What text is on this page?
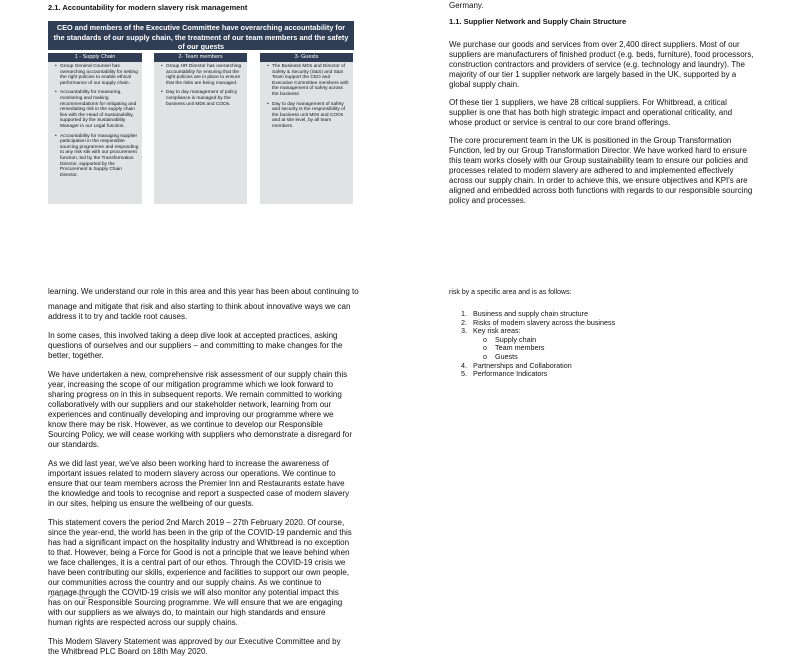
2.1. Accountability for modern slavery risk management
CEO and members of the Executive Committee have overarching accountability for the standards of our supply chain, the treatment of our team members and the safety of our guests
1 - Supply Chain
• Group General Counsel has overarching accountability for setting the right policies to enable ethical performance of our supply chain.
• Accountability for measuring, monitoring and making recommendations for mitigating and remediating risk in the supply chain lies with the Head of Sustainability, supported by the Sustainability Manager in our Legal function.
• Accountability for managing supplier participation in the responsible sourcing programme and responding to any risk sits with our procurement function, led by the Transformation Director, supported by the Procurement & Supply Chain Director.
2- Team members
• Group HR Director has overarching accountability for ensuring that the right policies are in place to ensure that the risks are being managed.
• Day to day management of policy compliance is managed by the business unit MDs and COOs.
3- Guests
• The Business MDs and Director of Safety & Security (S&S) and S&S Team support the CEO and Executive Committee members with the management of safety across the business
• Day to day management of safety and security is the responsibility of the business unit MDs and COOs and at site level, by all team members.
Germany.
1.1. Supplier Network and Supply Chain Structure

We purchase our goods and services from over 2,400 direct suppliers. Most of our suppliers are manufacturers of finished product (e.g. beds, furniture), food processors, construction contractors and providers of service (e.g. technology and laundry). The majority of our tier 1 supplier network are largely based in the UK, supported by a global supply chain.

Of these tier 1 suppliers, we have 28 critical suppliers. For Whitbread, a critical supplier is one that has both high strategic impact and operational criticality, and whose product or service is central to our core brand offerings.

The core procurement team in the UK is positioned in the Group Transformation Function, led by our Group Transformation Director. We have worked hard to ensure this team works closely with our Group sustainability team to ensure our policies and processes related to modern slavery are adhered to and implemented effectively across our supply chain. In order to achieve this, we ensure objectives and KPI's are aligned and embedded across both functions with regards to our responsible sourcing policy and processes.

learning. We understand our role in this area and this year has been about continuing to

manage and mitigate that risk and also starting to think about innovative ways we can address it to try and tackle root causes.

In some cases, this involved taking a deep dive look at accepted practices, asking questions of ourselves and our suppliers – and committing to make changes for the better, together.

We have undertaken a new, comprehensive risk assessment of our supply chain this year, increasing the scope of our mitigation programme which we look forward to sharing progress on in this in subsequent reports. We remain committed to working collaboratively with our suppliers and our stakeholder network, learning from our experiences and continually developing and improving our programme where we know there may be risk. However, as we continue to develop our Responsible Sourcing Policy, we will cease working with suppliers who demonstrate a disregard for our standards.

As we did last year, we've also been working hard to increase the awareness of important issues related to modern slavery across our operations. We continue to ensure that our team members across the Premier Inn and Restaurants estate have the knowledge and tools to recognise and report a suspected case of modern slavery in our sites, helping us ensure the wellbeing of our guests.

This statement covers the period 2nd March 2019 – 27th February 2020. Of course, since the year-end, the world has been in the grip of the COVID-19 pandemic and this has had a significant impact on the hospitality industry and Whitbread is no exception to that. However, being a Force for Good is not a principle that we leave behind when we face challenges, it is a central part of our ethos. Through the COVID-19 crisis we have been contributing our skills, experience and facilities to support our own people, our communities across the country and our supply chains. As we continue to manage through the COVID-19 crisis we will also monitor any potential impact this has on our Responsible Sourcing programme. We will ensure that we are engaging with our suppliers as we always do, to maintain our high standards and ensure human rights are respected across our supply chains.

This Modern Slavery Statement was approved by our Executive Committee and by the Whitbread PLC Board on 18th May 2020.

risk by a specific area and is as follows:
1. Business and supply chain structure
2. Risks of modern slavery across the business
3. Key risk areas:
o Supply chain
o Team members
o Guests
4. Partnerships and Collaboration
5. Performance Indicators
